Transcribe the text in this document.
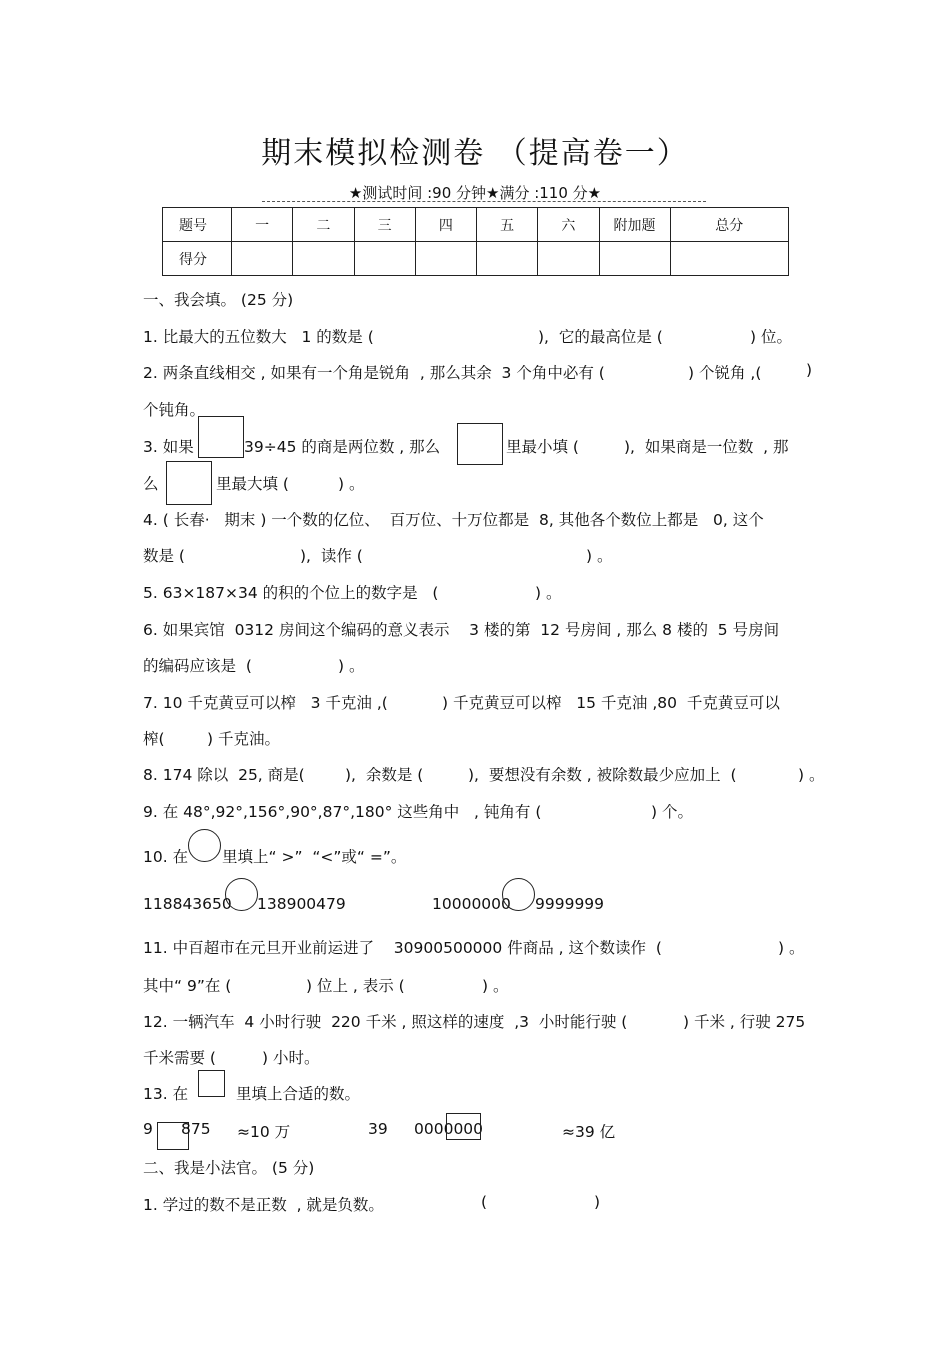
期末模拟检测卷 （提高卷一）
★测试时间 :90 分钟★满分 :110 分★
题号	一	二	三	四	五	六	附加题	总分
得分								
一、我会填。 (25 分)
1. 比最大的五位数大   1 的数是 (	),  它的最高位是 (	) 位。
2. 两条直线相交 , 如果有一个角是锐角  , 那么其余  3 个角中必有 (	) 个锐角 ,(	)
个钝角。
3. 如果	39÷45 的商是两位数 , 那么	里最小填 (	),  如果商是一位数  , 那
么	里最大填 (	) 。
4. ( 长春·   期末 ) 一个数的亿位、  百万位、十万位都是  8, 其他各个数位上都是   0, 这个
数是 (	),  读作 (	) 。
5. 63×187×34 的积的个位上的数字是   (	) 。
6. 如果宾馆  0312 房间这个编码的意义表示    3 楼的第  12 号房间 , 那么 8 楼的  5 号房间
的编码应该是  (	) 。
7. 10 千克黄豆可以榨   3 千克油 ,(	) 千克黄豆可以榨   15 千克油 ,80  千克黄豆可以
榨(	) 千克油。
8. 174 除以  25, 商是(	),  余数是 (	),  要想没有余数 , 被除数最少应加上  (	) 。
9. 在 48°,92°,156°,90°,87°,180° 这些角中   , 钝角有 (	) 个。
10. 在 里填上“ >”  “<”或“ =”。
118843650 138900479	10000000 9999999
11. 中百超市在元旦开业前运进了    30900500000 件商品 , 这个数读作  (	) 。
其中“ 9”在 (	) 位上 , 表示 (	) 。
12. 一辆汽车  4 小时行驶  220 千米 , 照这样的速度  ,3  小时能行驶 (	) 千米 , 行驶 275
千米需要 (	) 小时。
13. 在	里填上合适的数。
9 875 ≈10 万	39 0000000	≈39 亿
二、我是小法官。 (5 分)
1. 学过的数不是正数  , 就是负数。	(	)
